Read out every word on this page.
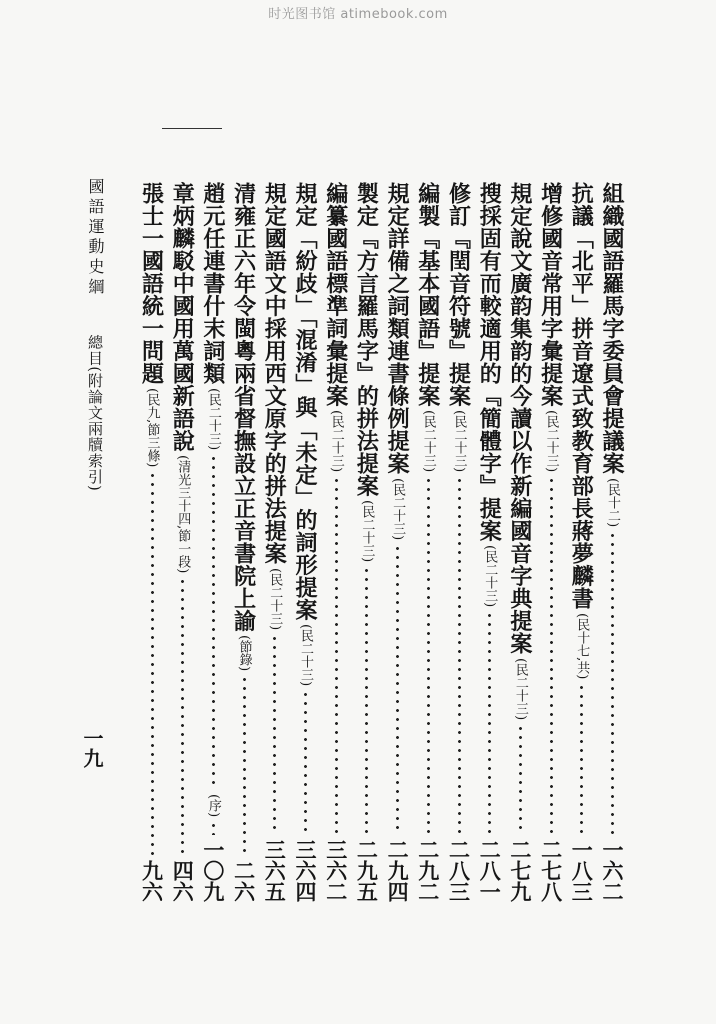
时光图书馆 atimebook.com
國語運動史綱  總目(附論文兩牘索引)
一九
組織國語羅馬字委員會提議案
(民十二)
一六二
抗議「北平」拼音遼式致教育部長蔣夢麟書
(民十七,共)
一八三
增修國音常用字彙提案
(民二十三)
二七八
規定說文廣韵集韵的今讀以作新編國音字典提案
(民二十三)
二七九
搜採固有而較適用的『簡體字』提案
(民二十三)
二八一
修訂『閏音符號』提案
(民二十三)
二八三
編製『基本國語』提案
(民二十三)
二九二
規定詳備之詞類連書條例提案
(民二十三)
二九四
製定『方言羅馬字』的拼法提案
(民二十三)
二九五
編纂國語標準詞彙提案
(民二十三)
三六二
規定「紛歧」「混淆」與「未定」的詞形提案
(民二十三)
三六四
規定國語文中採用西文原字的拼法提案
(民二十三)
三六五
清雍正六年令閩粵兩省督撫設立正音書院上諭
(節錄)
二六
趙元任連書什末詞類
(民二十三)
(序)
一〇九
章炳麟駁中國用萬國新語說
(清光三十四,節一段)
四六
張士一國語統一問題
(民九,節三條)
九六
